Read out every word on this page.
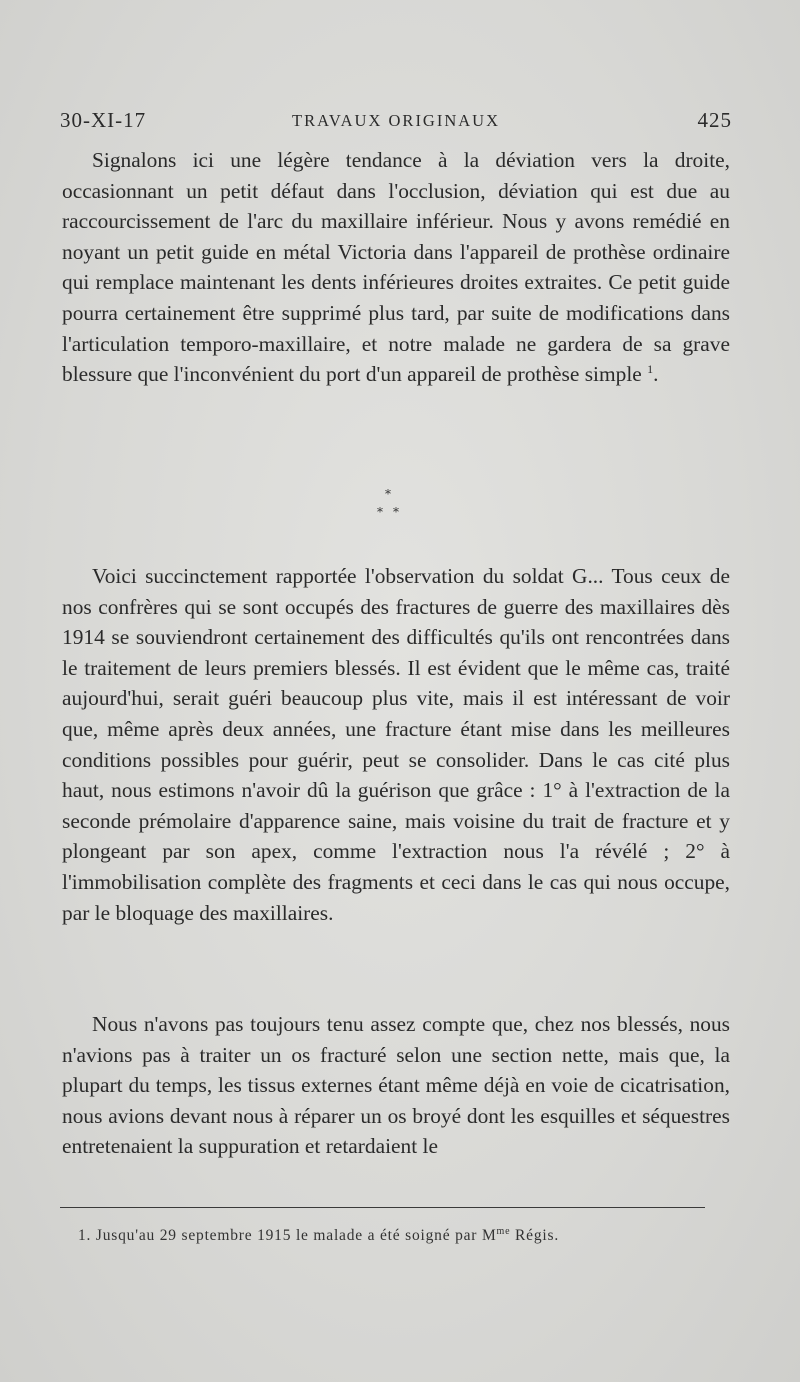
30-XI-17	TRAVAUX ORIGINAUX	425

Signalons ici une légère tendance à la déviation vers la droite, occasionnant un petit défaut dans l'occlusion, déviation qui est due au raccourcissement de l'arc du maxillaire inférieur. Nous y avons remédié en noyant un petit guide en métal Victoria dans l'appareil de prothèse ordinaire qui remplace maintenant les dents inférieures droites extraites. Ce petit guide pourra certainement être supprimé plus tard, par suite de modifications dans l'articulation temporo-maxillaire, et notre malade ne gardera de sa grave blessure que l'inconvénient du port d'un appareil de prothèse simple $^1$.

*
* *

Voici succinctement rapportée l'observation du soldat G... Tous ceux de nos confrères qui se sont occupés des fractures de guerre des maxillaires dès 1914 se souviendront certainement des difficultés qu'ils ont rencontrées dans le traitement de leurs premiers blessés. Il est évident que le même cas, traité aujourd'hui, serait guéri beaucoup plus vite, mais il est intéressant de voir que, même après deux années, une fracture étant mise dans les meilleures conditions possibles pour guérir, peut se consolider. Dans le cas cité plus haut, nous estimons n'avoir dû la guérison que grâce : 1° à l'extraction de la seconde prémolaire d'apparence saine, mais voisine du trait de fracture et y plongeant par son apex, comme l'extraction nous l'a révélé ; 2° à l'immobilisation complète des fragments et ceci dans le cas qui nous occupe, par le bloquage des maxillaires.

Nous n'avons pas toujours tenu assez compte que, chez nos blessés, nous n'avions pas à traiter un os fracturé selon une section nette, mais que, la plupart du temps, les tissus externes étant même déjà en voie de cicatrisation, nous avions devant nous à réparer un os broyé dont les esquilles et séquestres entretenaient la suppuration et retardaient le

1. Jusqu'au 29 septembre 1915 le malade a été soigné par $M^{me}$ Régis.
